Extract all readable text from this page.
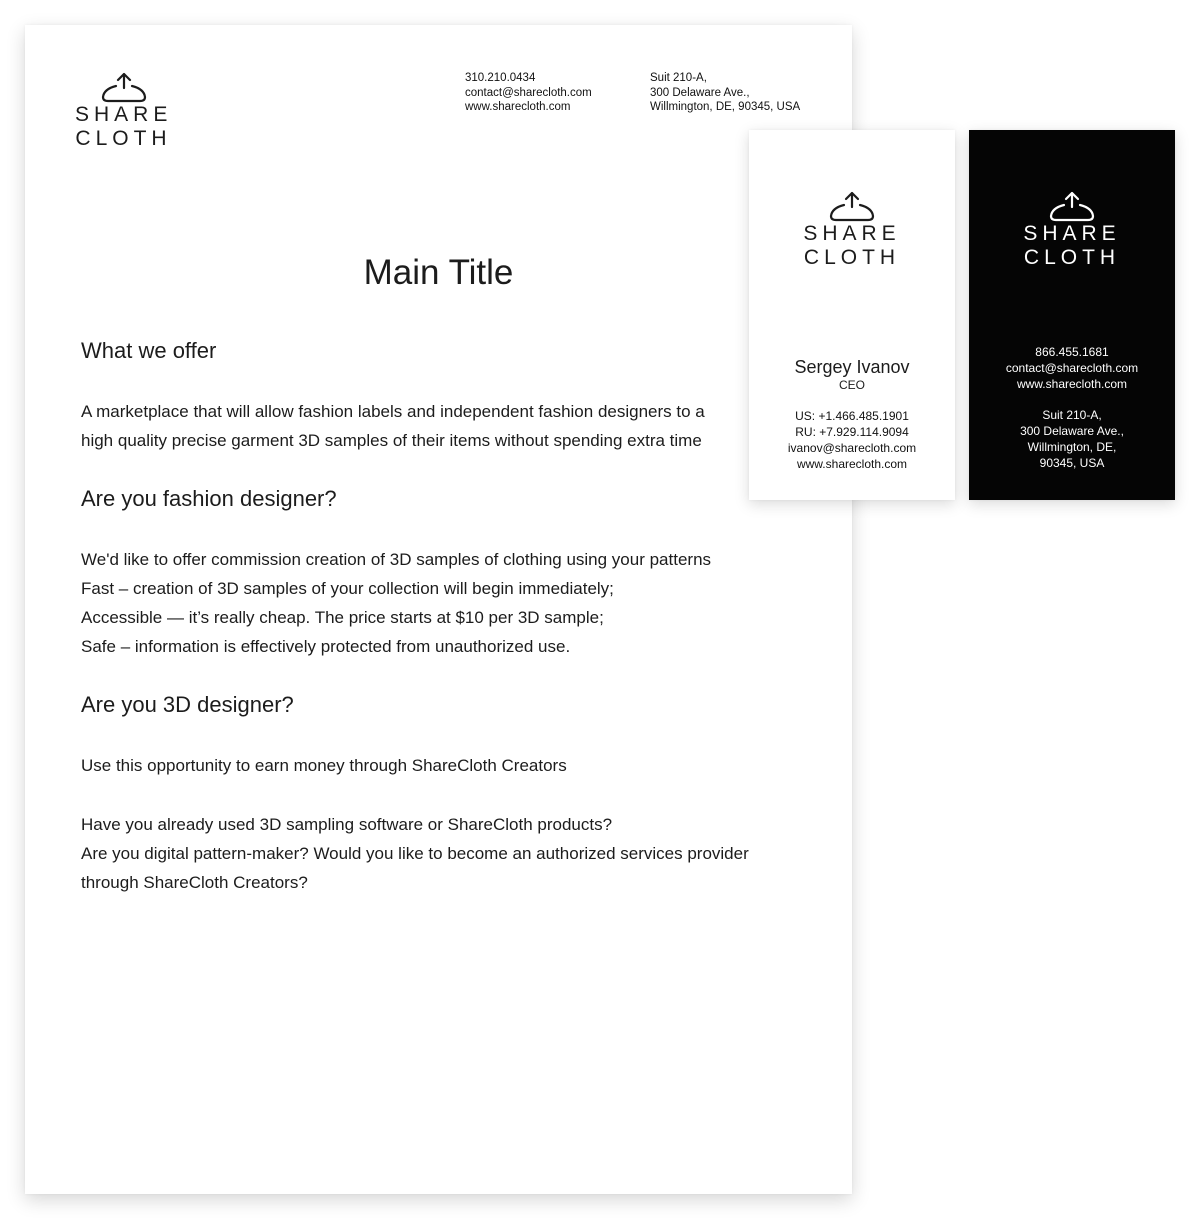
SHARE
CLOTH
310.210.0434
contact@sharecloth.com
www.sharecloth.com
Suit 210-A,
300 Delaware Ave.,
Willmington, DE, 90345, USA
Main Title
What we offer

A marketplace that will allow fashion labels and independent fashion designers to a

high quality precise garment 3D samples of their items without spending extra time

Are you fashion designer?

We'd like to offer commission creation of 3D samples of clothing using your patterns

Fast – creation of 3D samples of your collection will begin immediately;

Accessible — it’s really cheap. The price starts at $10 per 3D sample;

Safe – information is effectively protected from unauthorized use.

Are you 3D designer?

Use this opportunity to earn money through ShareCloth Creators

Have you already used 3D sampling software or ShareCloth products?

Are you digital pattern-maker? Would you like to become an authorized services provider

through ShareCloth Creators?

SHARE
CLOTH
Sergey Ivanov
CEO
US: +1.466.485.1901
RU: +7.929.114.9094
ivanov@sharecloth.com
www.sharecloth.com
SHARE
CLOTH
866.455.1681
contact@sharecloth.com
www.sharecloth.com
Suit 210-A,
300 Delaware Ave.,
Willmington, DE,
90345, USA
